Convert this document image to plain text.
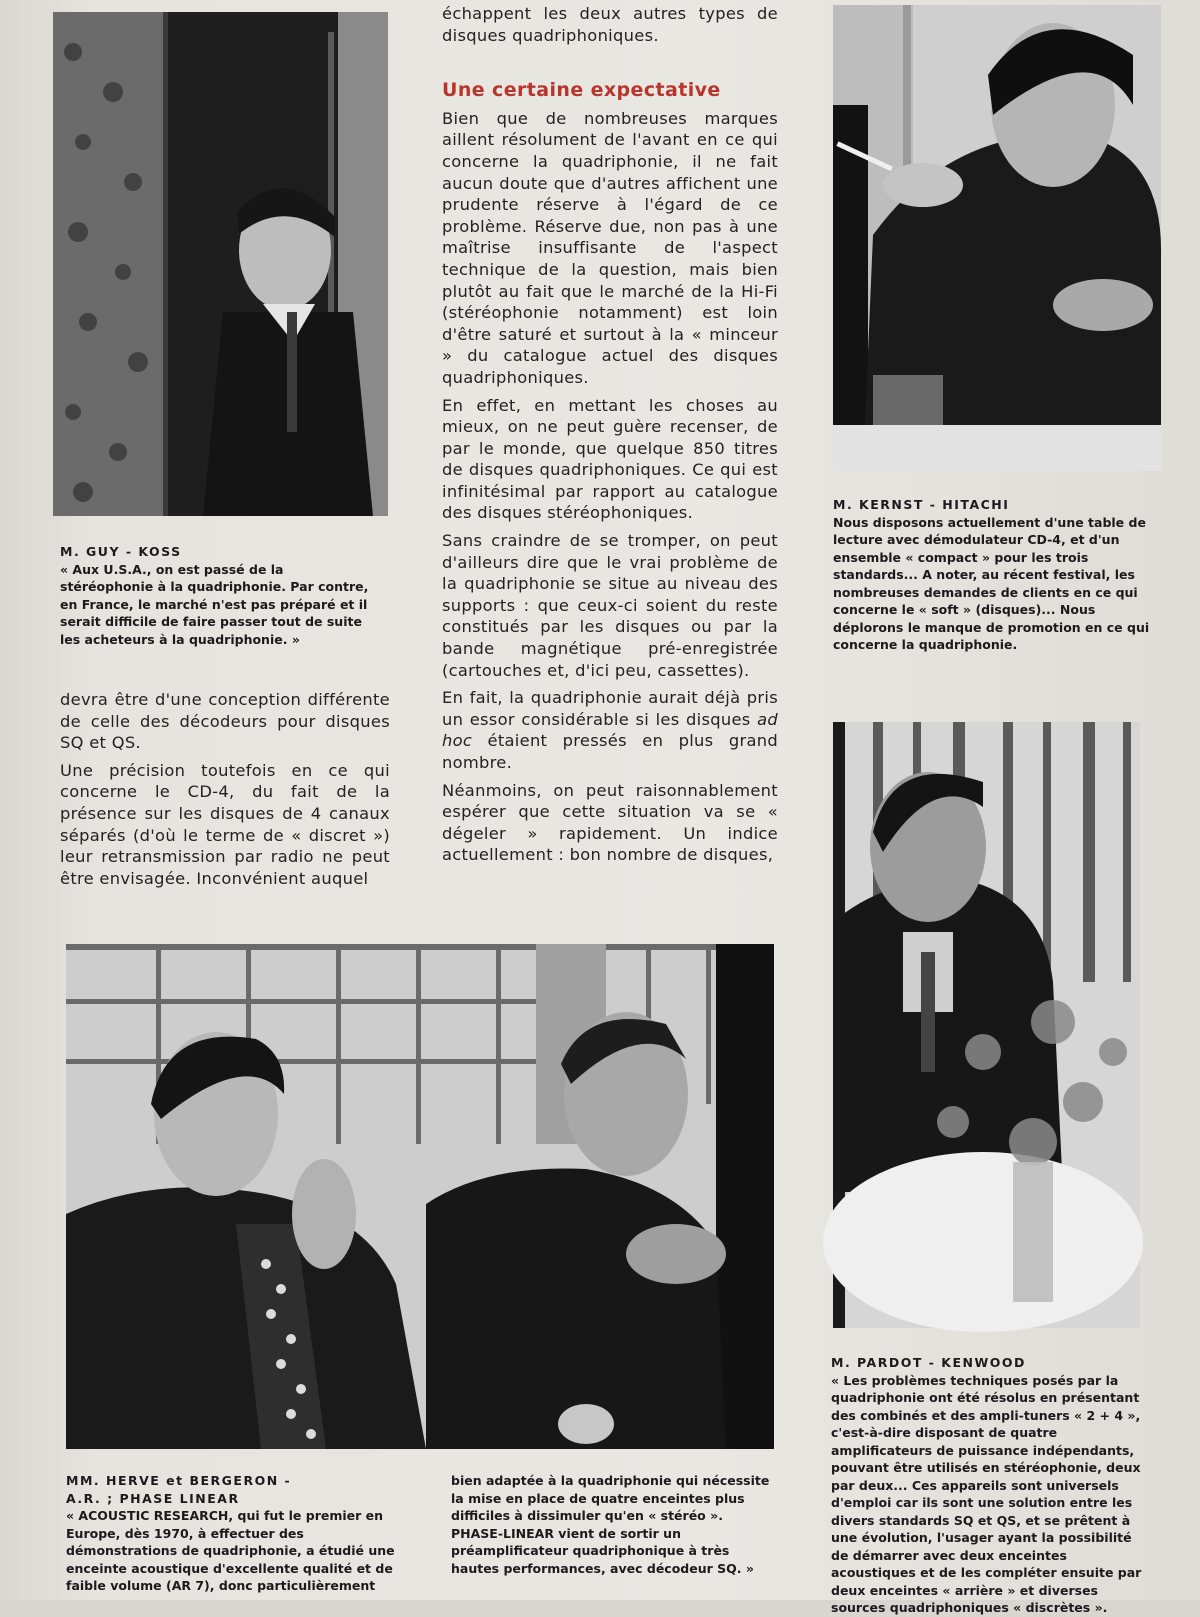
M. GUY - KOSS

« Aux U.S.A., on est passé de la stéréophonie à la quadriphonie. Par contre, en France, le marché n'est pas préparé et il serait difficile de faire passer tout de suite les acheteurs à la quadriphonie. »

devra être d'une conception différente de celle des décodeurs pour disques SQ et QS.

Une précision toutefois en ce qui concerne le CD-4, du fait de la présence sur les disques de 4 canaux séparés (d'où le terme de « discret ») leur retransmission par radio ne peut être envisagée. Inconvénient auquel

échappent les deux autres types de disques quadriphoniques.

Une certaine expectative

Bien que de nombreuses marques aillent résolument de l'avant en ce qui concerne la quadriphonie, il ne fait aucun doute que d'autres affichent une prudente réserve à l'égard de ce problème. Réserve due, non pas à une maîtrise insuffisante de l'aspect technique de la question, mais bien plutôt au fait que le marché de la Hi-Fi (stéréophonie notamment) est loin d'être saturé et surtout à la « minceur » du catalogue actuel des disques quadriphoniques.

En effet, en mettant les choses au mieux, on ne peut guère recenser, de par le monde, que quelque 850 titres de disques quadriphoniques. Ce qui est infinitésimal par rapport au catalogue des disques stéréophoniques.

Sans craindre de se tromper, on peut d'ailleurs dire que le vrai problème de la quadriphonie se situe au niveau des supports : que ceux-ci soient du reste constitués par les disques ou par la bande magnétique pré-enregistrée (cartouches et, d'ici peu, cassettes).

En fait, la quadriphonie aurait déjà pris un essor considérable si les disques ad hoc étaient pressés en plus grand nombre.

Néanmoins, on peut raisonnablement espérer que cette situation va se « dégeler » rapidement. Un indice actuellement : bon nombre de disques,

M. KERNST - HITACHI

Nous disposons actuellement d'une table de lecture avec démodulateur CD-4, et d'un ensemble « compact » pour les trois standards... A noter, au récent festival, les nombreuses demandes de clients en ce qui concerne le « soft » (disques)... Nous déplorons le manque de promotion en ce qui concerne la quadriphonie.

M. PARDOT - KENWOOD

« Les problèmes techniques posés par la quadriphonie ont été résolus en présentant des combinés et des ampli-tuners « 2 + 4 », c'est-à-dire disposant de quatre amplificateurs de puissance indépendants, pouvant être utilisés en stéréophonie, deux par deux... Ces appareils sont universels d'emploi car ils sont une solution entre les divers standards SQ et QS, et se prêtent à une évolution, l'usager ayant la possibilité de démarrer avec deux enceintes acoustiques et de les compléter ensuite par deux enceintes « arrière » et diverses sources quadriphoniques « discrètes ».

MM. HERVE et BERGERON -
A.R. ; PHASE LINEAR

« ACOUSTIC RESEARCH, qui fut le premier en Europe, dès 1970, à effectuer des démonstrations de quadriphonie, a étudié une enceinte acoustique d'excellente qualité et de faible volume (AR 7), donc particulièrement

bien adaptée à la quadriphonie qui nécessite la mise en place de quatre enceintes plus difficiles à dissimuler qu'en « stéréo ». PHASE-LINEAR vient de sortir un préamplificateur quadriphonique à très hautes performances, avec décodeur SQ. »
